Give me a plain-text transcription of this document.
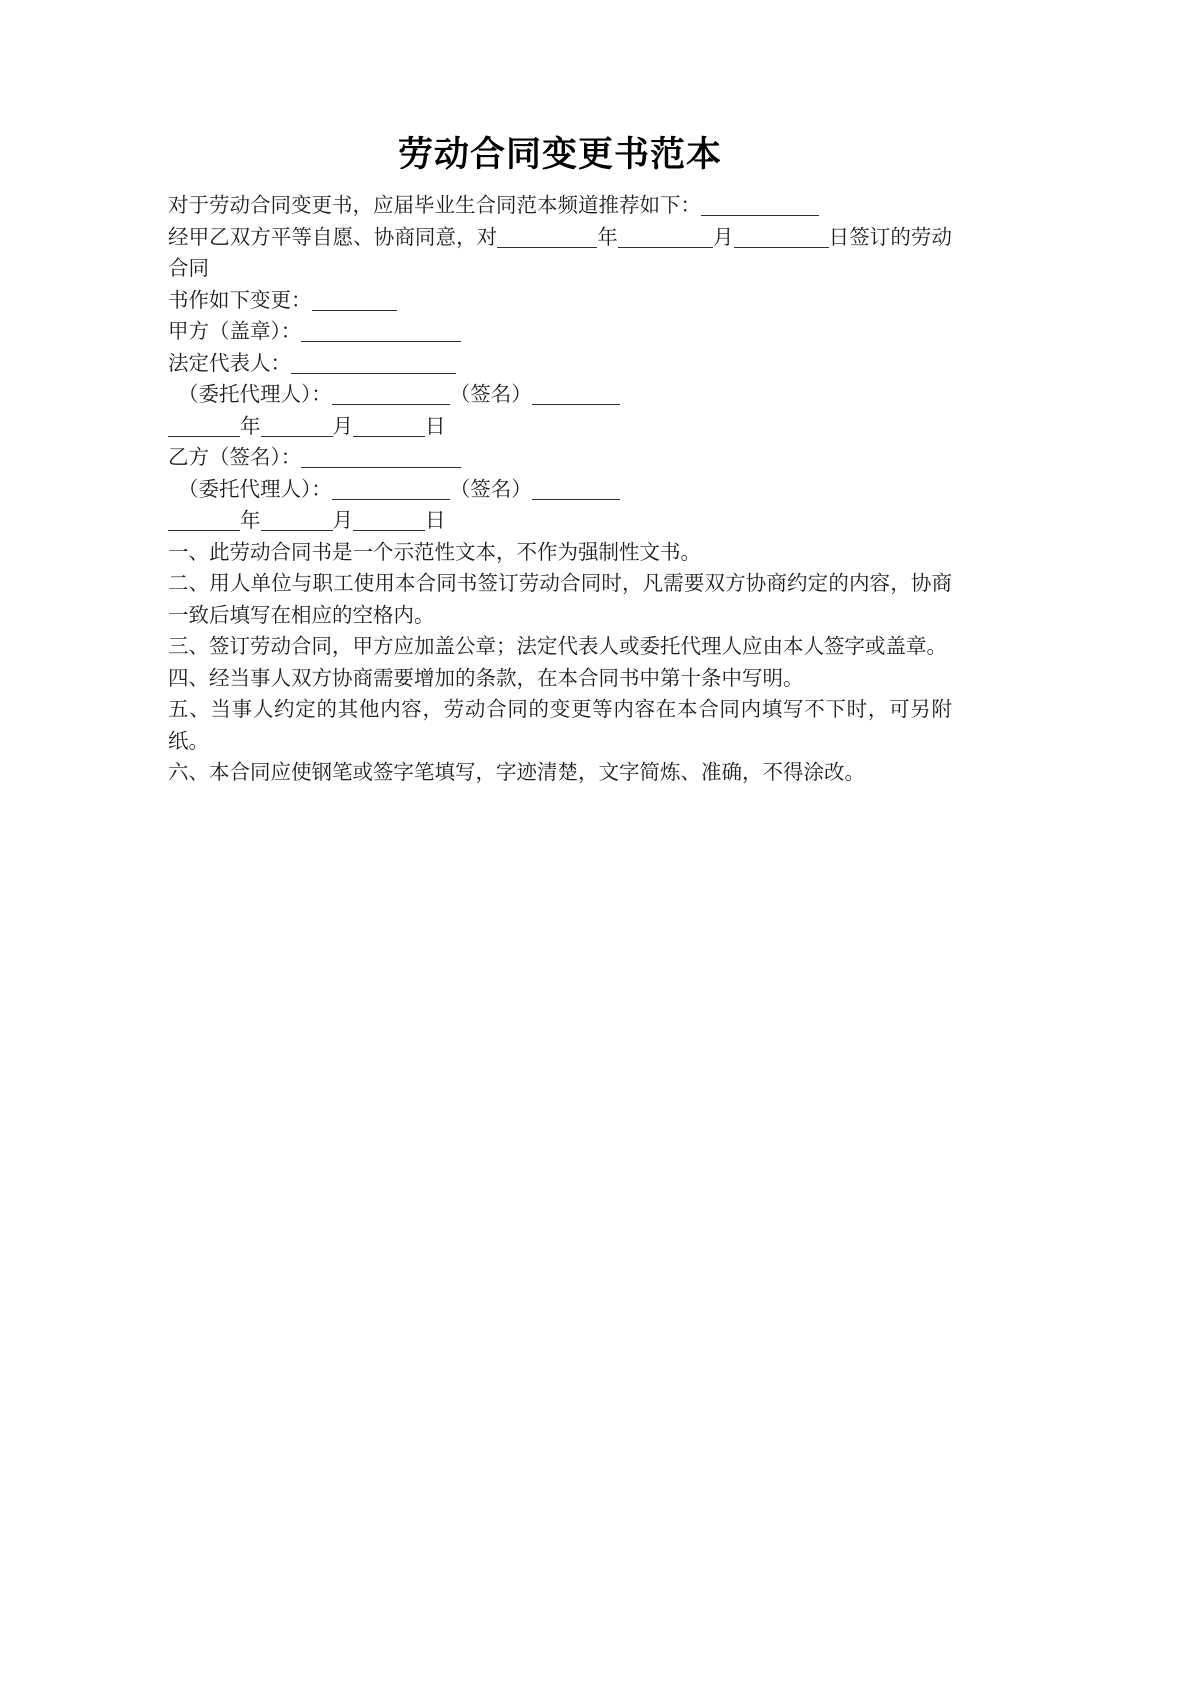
劳动合同变更书范本
对于劳动合同变更书，应届毕业生合同范本频道推荐如下：
经甲乙双方平等自愿、协商同意，对	年	月	日签订的劳动合同
书作如下变更：
甲方（盖章）：
法定代表人：
（委托代理人）：	（签名）
年	月	日
乙方（签名）：
（委托代理人）：	（签名）
年	月	日
一、此劳动合同书是一个示范性文本，不作为强制性文书。
二、用人单位与职工使用本合同书签订劳动合同时，凡需要双方协商约定的内容，协商一致后填写在相应的空格内。
三、签订劳动合同，甲方应加盖公章；法定代表人或委托代理人应由本人签字或盖章。
四、经当事人双方协商需要增加的条款，在本合同书中第十条中写明。
五、当事人约定的其他内容，劳动合同的变更等内容在本合同内填写不下时，可另附纸。
六、本合同应使钢笔或签字笔填写，字迹清楚，文字简炼、准确，不得涂改。
